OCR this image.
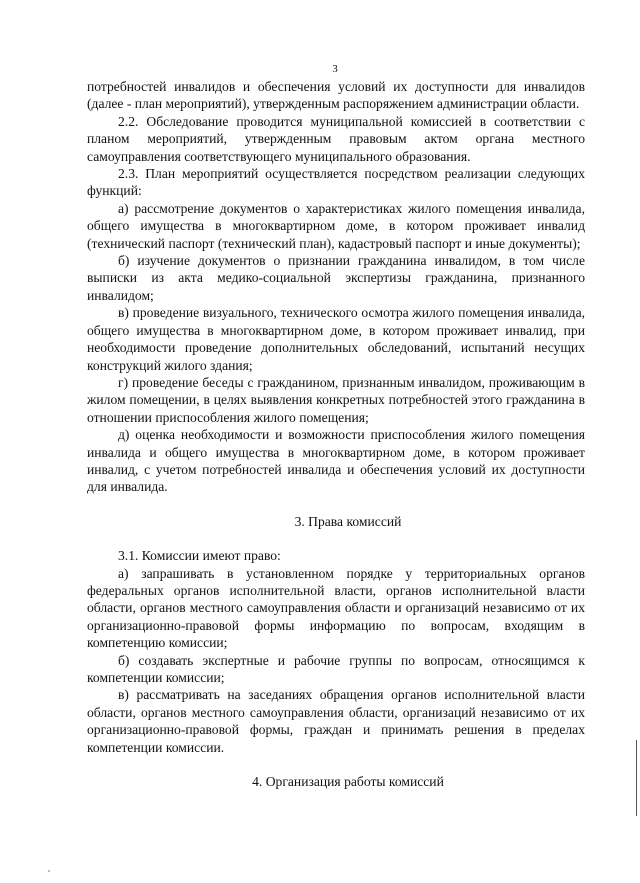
3

потребностей инвалидов и обеспечения условий их доступности для инвалидов (далее - план мероприятий), утвержденным распоряжением администрации области.

2.2. Обследование проводится муниципальной комиссией в соответствии с планом мероприятий, утвержденным правовым актом органа местного самоуправления соответствующего муниципального образования.

2.3. План мероприятий осуществляется посредством реализации следующих функций:

а) рассмотрение документов о характеристиках жилого помещения инвалида, общего имущества в многоквартирном доме, в котором проживает инвалид (технический паспорт (технический план), кадастровый паспорт и иные документы);

б) изучение документов о признании гражданина инвалидом, в том числе выписки из акта медико-социальной экспертизы гражданина, признанного инвалидом;

в) проведение визуального, технического осмотра жилого помещения инвалида, общего имущества в многоквартирном доме, в котором проживает инвалид, при необходимости проведение дополнительных обследований, испытаний несущих конструкций жилого здания;

г) проведение беседы с гражданином, признанным инвалидом, проживающим в жилом помещении, в целях выявления конкретных потребностей этого гражданина в отношении приспособления жилого помещения;

д) оценка необходимости и возможности приспособления жилого помещения инвалида и общего имущества в многоквартирном доме, в котором проживает инвалид, с учетом потребностей инвалида и обеспечения условий их доступности для инвалида.

3. Права комиссий

3.1. Комиссии имеют право:

а) запрашивать в установленном порядке у территориальных органов федеральных органов исполнительной власти, органов исполнительной власти области, органов местного самоуправления области и организаций независимо от их организационно-правовой формы информацию по вопросам, входящим в компетенцию комиссии;

б) создавать экспертные и рабочие группы по вопросам, относящимся к компетенции комиссии;

в) рассматривать на заседаниях обращения органов исполнительной власти области, органов местного самоуправления области, организаций независимо от их организационно-правовой формы, граждан и принимать решения в пределах компетенции комиссии.

4. Организация работы комиссий
